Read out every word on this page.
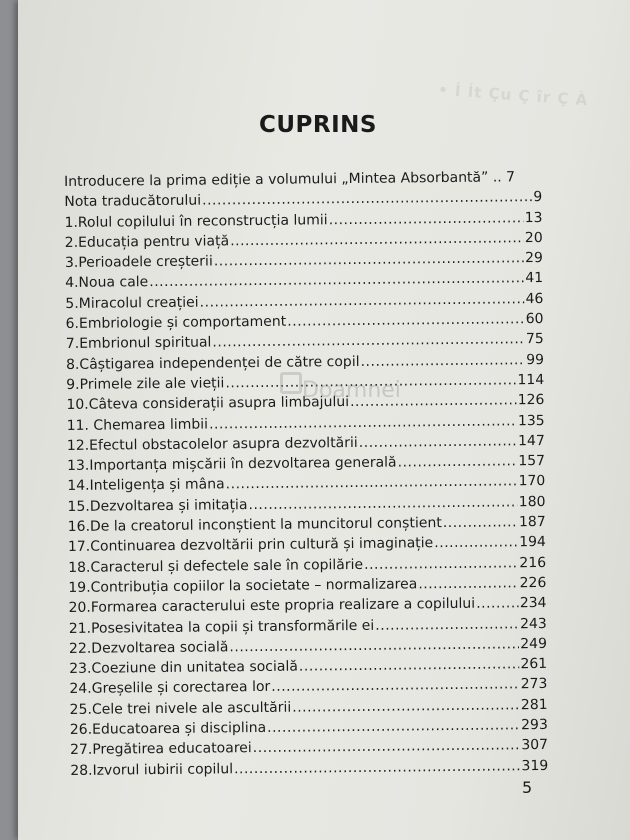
• İ Ít Çu Ç îr Ç À
CUPRINS
Introducere la prima ediție a volumului „Mintea Absorbantă” .. 7
Nota traducătorului .....	9
1.Rolul copilului în reconstrucția lumii .....	13
2.Educația pentru viață .....	20
3.Perioadele creșterii .....	29
4.Noua cale .....	41
5.Miracolul creației .....	46
6.Embriologie și comportament .....	60
7.Embrionul spiritual .....	75
8.Câștigarea independenței de către copil .....	99
9.Primele zile ale vieții .....	114
10.Câteva considerații asupra limbajului .....	126
11. Chemarea limbii .....	135
12.Efectul obstacolelor asupra dezvoltării .....	147
13.Importanța mișcării în dezvoltarea generală .....	157
14.Inteligența și mâna .....	170
15.Dezvoltarea și imitația .....	180
16.De la creatorul inconștient la muncitorul conștient .....	187
17.Continuarea dezvoltării prin cultură și imaginație .....	194
18.Caracterul și defectele sale în copilărie .....	216
19.Contribuția copiilor la societate – normalizarea .....	226
20.Formarea caracterului este propria realizare a copilului .....	234
21.Posesivitatea la copii și transformările ei .....	243
22.Dezvoltarea socială .....	249
23.Coeziune din unitatea socială .....	261
24.Greșelile și corectarea lor .....	273
25.Cele trei nivele ale ascultării .....	281
26.Educatoarea și disciplina .....	293
27.Pregătirea educatoarei .....	307
28.Izvorul iubirii copilul .....	319
Doamnei
5
